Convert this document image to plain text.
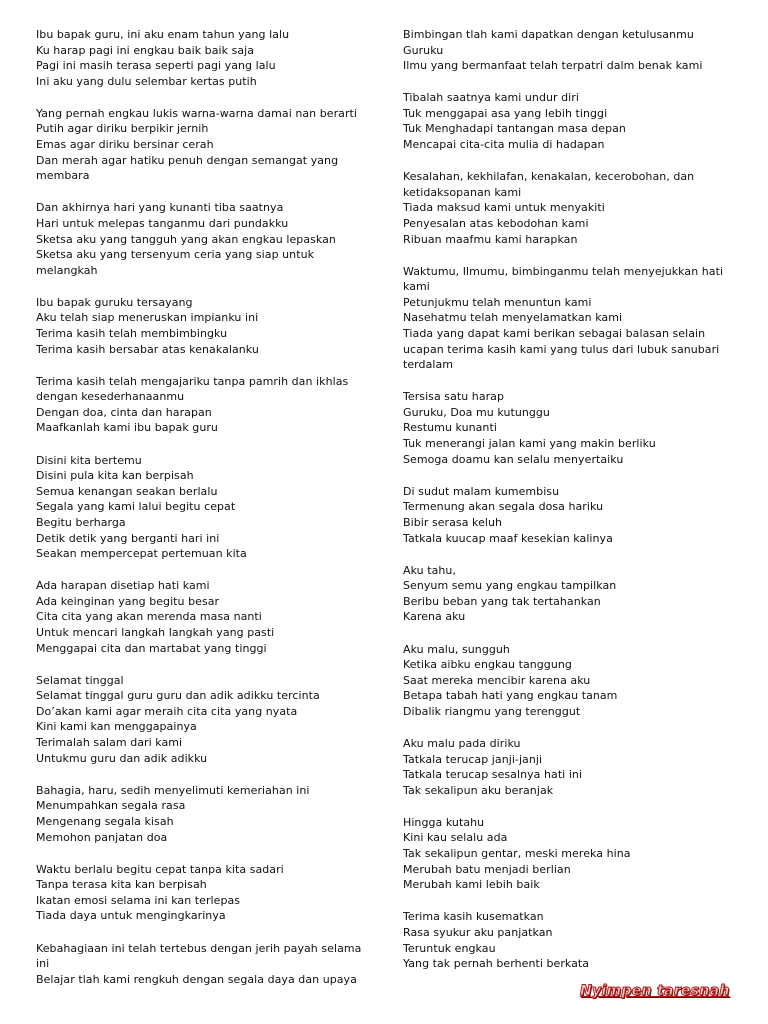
Ibu bapak guru, ini aku enam tahun yang lalu
Ku harap pagi ini engkau baik baik saja
Pagi ini masih terasa seperti pagi yang lalu
Ini aku yang dulu selembar kertas putih
Yang pernah engkau lukis warna-warna damai nan berarti
Putih agar diriku berpikir jernih
Emas agar diriku bersinar cerah
Dan merah agar hatiku penuh dengan semangat yang membara
Dan akhirnya hari yang kunanti tiba saatnya
Hari untuk melepas tanganmu dari pundakku
Sketsa aku yang tangguh yang akan engkau lepaskan
Sketsa aku yang tersenyum ceria yang siap untuk melangkah
Ibu bapak guruku tersayang
Aku telah siap meneruskan impianku ini
Terima kasih telah membimbingku
Terima kasih bersabar atas kenakalanku
Terima kasih telah mengajariku tanpa pamrih dan ikhlas dengan kesederhanaanmu
Dengan doa, cinta dan harapan
Maafkanlah kami ibu bapak guru
Disini kita bertemu
Disini pula kita kan berpisah
Semua kenangan seakan berlalu
Segala yang kami lalui begitu cepat
Begitu berharga
Detik detik yang berganti hari ini
Seakan mempercepat pertemuan kita
Ada harapan disetiap hati kami
Ada keinginan yang begitu besar
Cita cita yang akan merenda masa nanti
Untuk mencari langkah langkah yang pasti
Menggapai cita dan martabat yang tinggi
Selamat tinggal
Selamat tinggal guru guru dan adik adikku tercinta
Do’akan kami agar meraih cita cita yang nyata
Kini kami kan menggapainya
Terimalah salam dari kami
Untukmu guru dan adik adikku
Bahagia, haru, sedih menyelimuti kemeriahan ini
Menumpahkan segala rasa
Mengenang segala kisah
Memohon panjatan doa
Waktu berlalu begitu cepat tanpa kita sadari
Tanpa terasa kita kan berpisah
Ikatan emosi selama ini kan terlepas
Tiada daya untuk mengingkarinya
Kebahagiaan ini telah tertebus dengan jerih payah selama ini
Belajar tlah kami rengkuh dengan segala daya dan upaya
Bimbingan tlah kami dapatkan dengan ketulusanmu
Guruku
Ilmu yang bermanfaat telah terpatri dalm benak kami
Tibalah saatnya kami undur diri
Tuk menggapai asa yang lebih tinggi
Tuk Menghadapi tantangan masa depan
Mencapai cita-cita mulia di hadapan
Kesalahan, kekhilafan, kenakalan, kecerobohan, dan ketidaksopanan kami
Tiada maksud kami untuk menyakiti
Penyesalan atas kebodohan kami
Ribuan maafmu kami harapkan
Waktumu, Ilmumu, bimbinganmu telah menyejukkan hati kami
Petunjukmu telah menuntun kami
Nasehatmu telah menyelamatkan kami
Tiada yang dapat kami berikan sebagai balasan selain ucapan terima kasih kami yang tulus dari lubuk sanubari terdalam
Tersisa satu harap
Guruku, Doa mu kutunggu
Restumu kunanti
Tuk menerangi jalan kami yang makin berliku
Semoga doamu kan selalu menyertaiku
Di sudut malam kumembisu
Termenung akan segala dosa hariku
Bibir serasa keluh
Tatkala kuucap maaf kesekian kalinya
Aku tahu,
Senyum semu yang engkau tampilkan
Beribu beban yang tak tertahankan
Karena aku
Aku malu, sungguh
Ketika aibku engkau tanggung
Saat mereka mencibir karena aku
Betapa tabah hati yang engkau tanam
Dibalik riangmu yang terenggut
Aku malu pada diriku
Tatkala terucap janji-janji
Tatkala terucap sesalnya hati ini
Tak sekalipun aku beranjak
Hingga kutahu
Kini kau selalu ada
Tak sekalipun gentar, meski mereka hina
Merubah batu menjadi berlian
Merubah kami lebih baik
Terima kasih kusematkan
Rasa syukur aku panjatkan
Teruntuk engkau
Yang tak pernah berhenti berkata
Nyimpen taresnah
